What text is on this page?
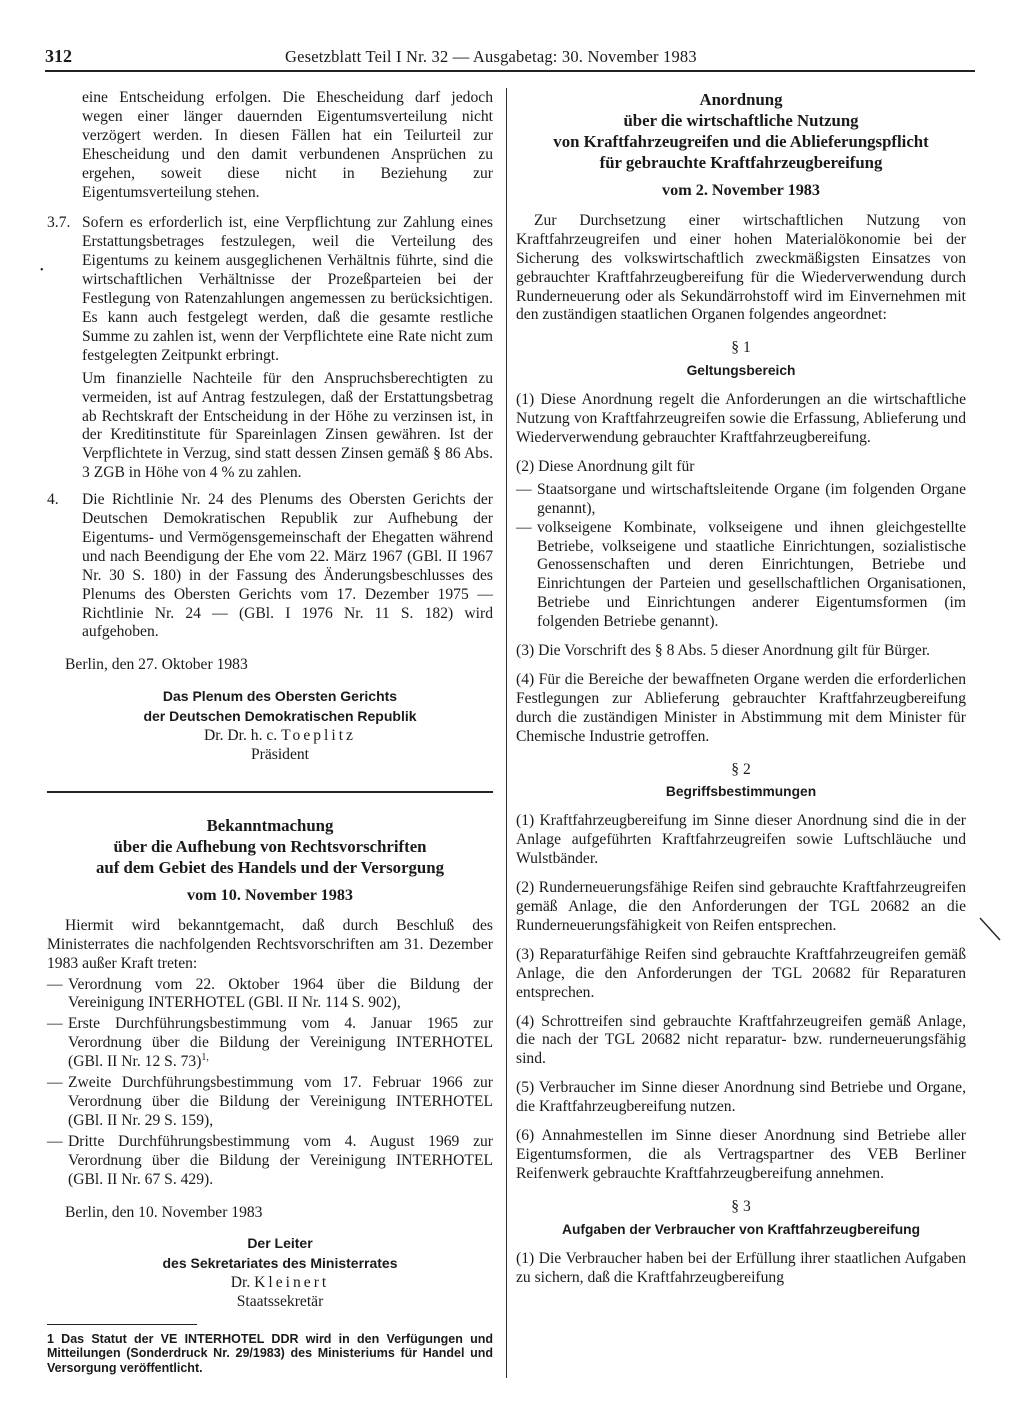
312	Gesetzblatt Teil I Nr. 32 — Ausgabetag: 30. November 1983
•

eine Entscheidung erfolgen. Die Ehescheidung darf jedoch wegen einer länger dauernden Eigentumsverteilung nicht verzögert werden. In diesen Fällen hat ein Teilurteil zur Ehescheidung und den damit verbundenen Ansprüchen zu ergehen, soweit diese nicht in Beziehung zur Eigentumsverteilung stehen.

3.7. Sofern es erforderlich ist, eine Verpflichtung zur Zahlung eines Erstattungsbetrages festzulegen, weil die Verteilung des Eigentums zu keinem ausgeglichenen Verhältnis führte, sind die wirtschaftlichen Verhältnisse der Prozeßparteien bei der Festlegung von Ratenzahlungen angemessen zu berücksichtigen. Es kann auch festgelegt werden, daß die gesamte restliche Summe zu zahlen ist, wenn der Verpflichtete eine Rate nicht zum festgelegten Zeitpunkt erbringt.

Um finanzielle Nachteile für den Anspruchsberechtigten zu vermeiden, ist auf Antrag festzulegen, daß der Erstattungsbetrag ab Rechtskraft der Entscheidung in der Höhe zu verzinsen ist, in der Kreditinstitute für Spareinlagen Zinsen gewähren. Ist der Verpflichtete in Verzug, sind statt dessen Zinsen gemäß § 86 Abs. 3 ZGB in Höhe von 4 % zu zahlen.

4.	Die Richtlinie Nr. 24 des Plenums des Obersten Gerichts der Deutschen Demokratischen Republik zur Aufhebung der Eigentums- und Vermögensgemeinschaft der Ehegatten während und nach Beendigung der Ehe vom 22. März 1967 (GBl. II 1967 Nr. 30 S. 180) in der Fassung des Änderungsbeschlusses des Plenums des Obersten Gerichts vom 17. Dezember 1975 — Richtlinie Nr. 24 — (GBl. I 1976 Nr. 11 S. 182) wird aufgehoben.

Berlin, den 27. Oktober 1983

Das Plenum des Obersten Gerichts

der Deutschen Demokratischen Republik

Dr. Dr. h. c. Toeplitz

Präsident

Bekanntmachung

über die Aufhebung von Rechtsvorschriften

auf dem Gebiet des Handels und der Versorgung

vom 10. November 1983

Hiermit wird bekanntgemacht, daß durch Beschluß des Ministerrates die nachfolgenden Rechtsvorschriften am 31. Dezember 1983 außer Kraft treten:

— Verordnung vom 22. Oktober 1964 über die Bildung der Vereinigung INTERHOTEL (GBl. II Nr. 114 S. 902),
— Erste Durchführungsbestimmung vom 4. Januar 1965 zur Verordnung über die Bildung der Vereinigung INTERHOTEL (GBl. II Nr. 12 S. 73)$^{1,}$
— Zweite Durchführungsbestimmung vom 17. Februar 1966 zur Verordnung über die Bildung der Vereinigung INTERHOTEL (GBl. II Nr. 29 S. 159),
— Dritte Durchführungsbestimmung vom 4. August 1969 zur Verordnung über die Bildung der Vereinigung INTERHOTEL (GBl. II Nr. 67 S. 429).

Berlin, den 10. November 1983

Der Leiter

des Sekretariates des Ministerrates

Dr. Kleinert

Staatssekretär

1 Das Statut der VE INTERHOTEL DDR wird in den Verfügungen und Mitteilungen (Sonderdruck Nr. 29/1983) des Ministeriums für Handel und Versorgung veröffentlicht.

Anordnung

über die wirtschaftliche Nutzung

von Kraftfahrzeugreifen und die Ablieferungspflicht

für gebrauchte Kraftfahrzeugbereifung

vom 2. November 1983

Zur Durchsetzung einer wirtschaftlichen Nutzung von Kraftfahrzeugreifen und einer hohen Materialökonomie bei der Sicherung des volkswirtschaftlich zweckmäßigsten Einsatzes von gebrauchter Kraftfahrzeugbereifung für die Wiederverwendung durch Runderneuerung oder als Sekundärrohstoff wird im Einvernehmen mit den zuständigen staatlichen Organen folgendes angeordnet:

§ 1

Geltungsbereich

(1) Diese Anordnung regelt die Anforderungen an die wirtschaftliche Nutzung von Kraftfahrzeugreifen sowie die Erfassung, Ablieferung und Wiederverwendung gebrauchter Kraftfahrzeugbereifung.

(2) Diese Anordnung gilt für

— Staatsorgane und wirtschaftsleitende Organe (im folgenden Organe genannt),
— volkseigene Kombinate, volkseigene und ihnen gleichgestellte Betriebe, volkseigene und staatliche Einrichtungen, sozialistische Genossenschaften und deren Einrichtungen, Betriebe und Einrichtungen der Parteien und gesellschaftlichen Organisationen, Betriebe und Einrichtungen anderer Eigentumsformen (im folgenden Betriebe genannt).

(3) Die Vorschrift des § 8 Abs. 5 dieser Anordnung gilt für Bürger.

(4) Für die Bereiche der bewaffneten Organe werden die erforderlichen Festlegungen zur Ablieferung gebrauchter Kraftfahrzeugbereifung durch die zuständigen Minister in Abstimmung mit dem Minister für Chemische Industrie getroffen.

§ 2

Begriffsbestimmungen

(1) Kraftfahrzeugbereifung im Sinne dieser Anordnung sind die in der Anlage aufgeführten Kraftfahrzeugreifen sowie Luftschläuche und Wulstbänder.

(2) Runderneuerungsfähige Reifen sind gebrauchte Kraftfahrzeugreifen gemäß Anlage, die den Anforderungen der TGL 20682 an die Runderneuerungsfähigkeit von Reifen entsprechen.

(3) Reparaturfähige Reifen sind gebrauchte Kraftfahrzeugreifen gemäß Anlage, die den Anforderungen der TGL 20682 für Reparaturen entsprechen.

(4) Schrottreifen sind gebrauchte Kraftfahrzeugreifen gemäß Anlage, die nach der TGL 20682 nicht reparatur- bzw. runderneuerungsfähig sind.

(5) Verbraucher im Sinne dieser Anordnung sind Betriebe und Organe, die Kraftfahrzeugbereifung nutzen.

(6) Annahmestellen im Sinne dieser Anordnung sind Betriebe aller Eigentumsformen, die als Vertragspartner des VEB Berliner Reifenwerk gebrauchte Kraftfahrzeugbereifung annehmen.

§ 3

Aufgaben der Verbraucher von Kraftfahrzeugbereifung

(1) Die Verbraucher haben bei der Erfüllung ihrer staatlichen Aufgaben zu sichern, daß die Kraftfahrzeugbereifung
